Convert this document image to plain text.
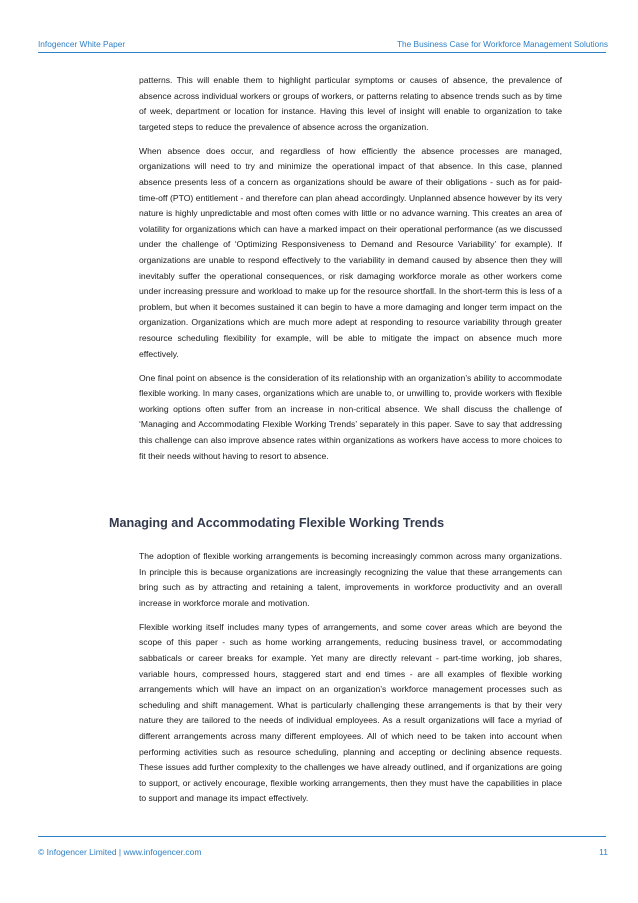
Infogencer White Paper	The Business Case for Workforce Management Solutions

patterns. This will enable them to highlight particular symptoms or causes of absence, the prevalence of absence across individual workers or groups of workers, or patterns relating to absence trends such as by time of week, department or location for instance. Having this level of insight will enable to organization to take targeted steps to reduce the prevalence of absence across the organization.

When absence does occur, and regardless of how efficiently the absence processes are managed, organizations will need to try and minimize the operational impact of that absence. In this case, planned absence presents less of a concern as organizations should be aware of their obligations - such as for paid-time-off (PTO) entitlement - and therefore can plan ahead accordingly. Unplanned absence however by its very nature is highly unpredictable and most often comes with little or no advance warning. This creates an area of volatility for organizations which can have a marked impact on their operational performance (as we discussed under the challenge of ‘Optimizing Responsiveness to Demand and Resource Variability’ for example). If organizations are unable to respond effectively to the variability in demand caused by absence then they will inevitably suffer the operational consequences, or risk damaging workforce morale as other workers come under increasing pressure and workload to make up for the resource shortfall. In the short-term this is less of a problem, but when it becomes sustained it can begin to have a more damaging and longer term impact on the organization. Organizations which are much more adept at responding to resource variability through greater resource scheduling flexibility for example, will be able to mitigate the impact on absence much more effectively.

One final point on absence is the consideration of its relationship with an organization’s ability to accommodate flexible working. In many cases, organizations which are unable to, or unwilling to, provide workers with flexible working options often suffer from an increase in non-critical absence. We shall discuss the challenge of ‘Managing and Accommodating Flexible Working Trends’ separately in this paper. Save to say that addressing this challenge can also improve absence rates within organizations as workers have access to more choices to fit their needs without having to resort to absence.

Managing and Accommodating Flexible Working Trends

The adoption of flexible working arrangements is becoming increasingly common across many organizations. In principle this is because organizations are increasingly recognizing the value that these arrangements can bring such as by attracting and retaining a talent, improvements in workforce productivity and an overall increase in workforce morale and motivation.

Flexible working itself includes many types of arrangements, and some cover areas which are beyond the scope of this paper - such as home working arrangements, reducing business travel, or accommodating sabbaticals or career breaks for example. Yet many are directly relevant - part-time working, job shares, variable hours, compressed hours, staggered start and end times - are all examples of flexible working arrangements which will have an impact on an organization’s workforce management processes such as scheduling and shift management. What is particularly challenging these arrangements is that by their very nature they are tailored to the needs of individual employees. As a result organizations will face a myriad of different arrangements across many different employees. All of which need to be taken into account when performing activities such as resource scheduling, planning and accepting or declining absence requests. These issues add further complexity to the challenges we have already outlined, and if organizations are going to support, or actively encourage, flexible working arrangements, then they must have the capabilities in place to support and manage its impact effectively.

© Infogencer Limited | www.infogencer.com	11
